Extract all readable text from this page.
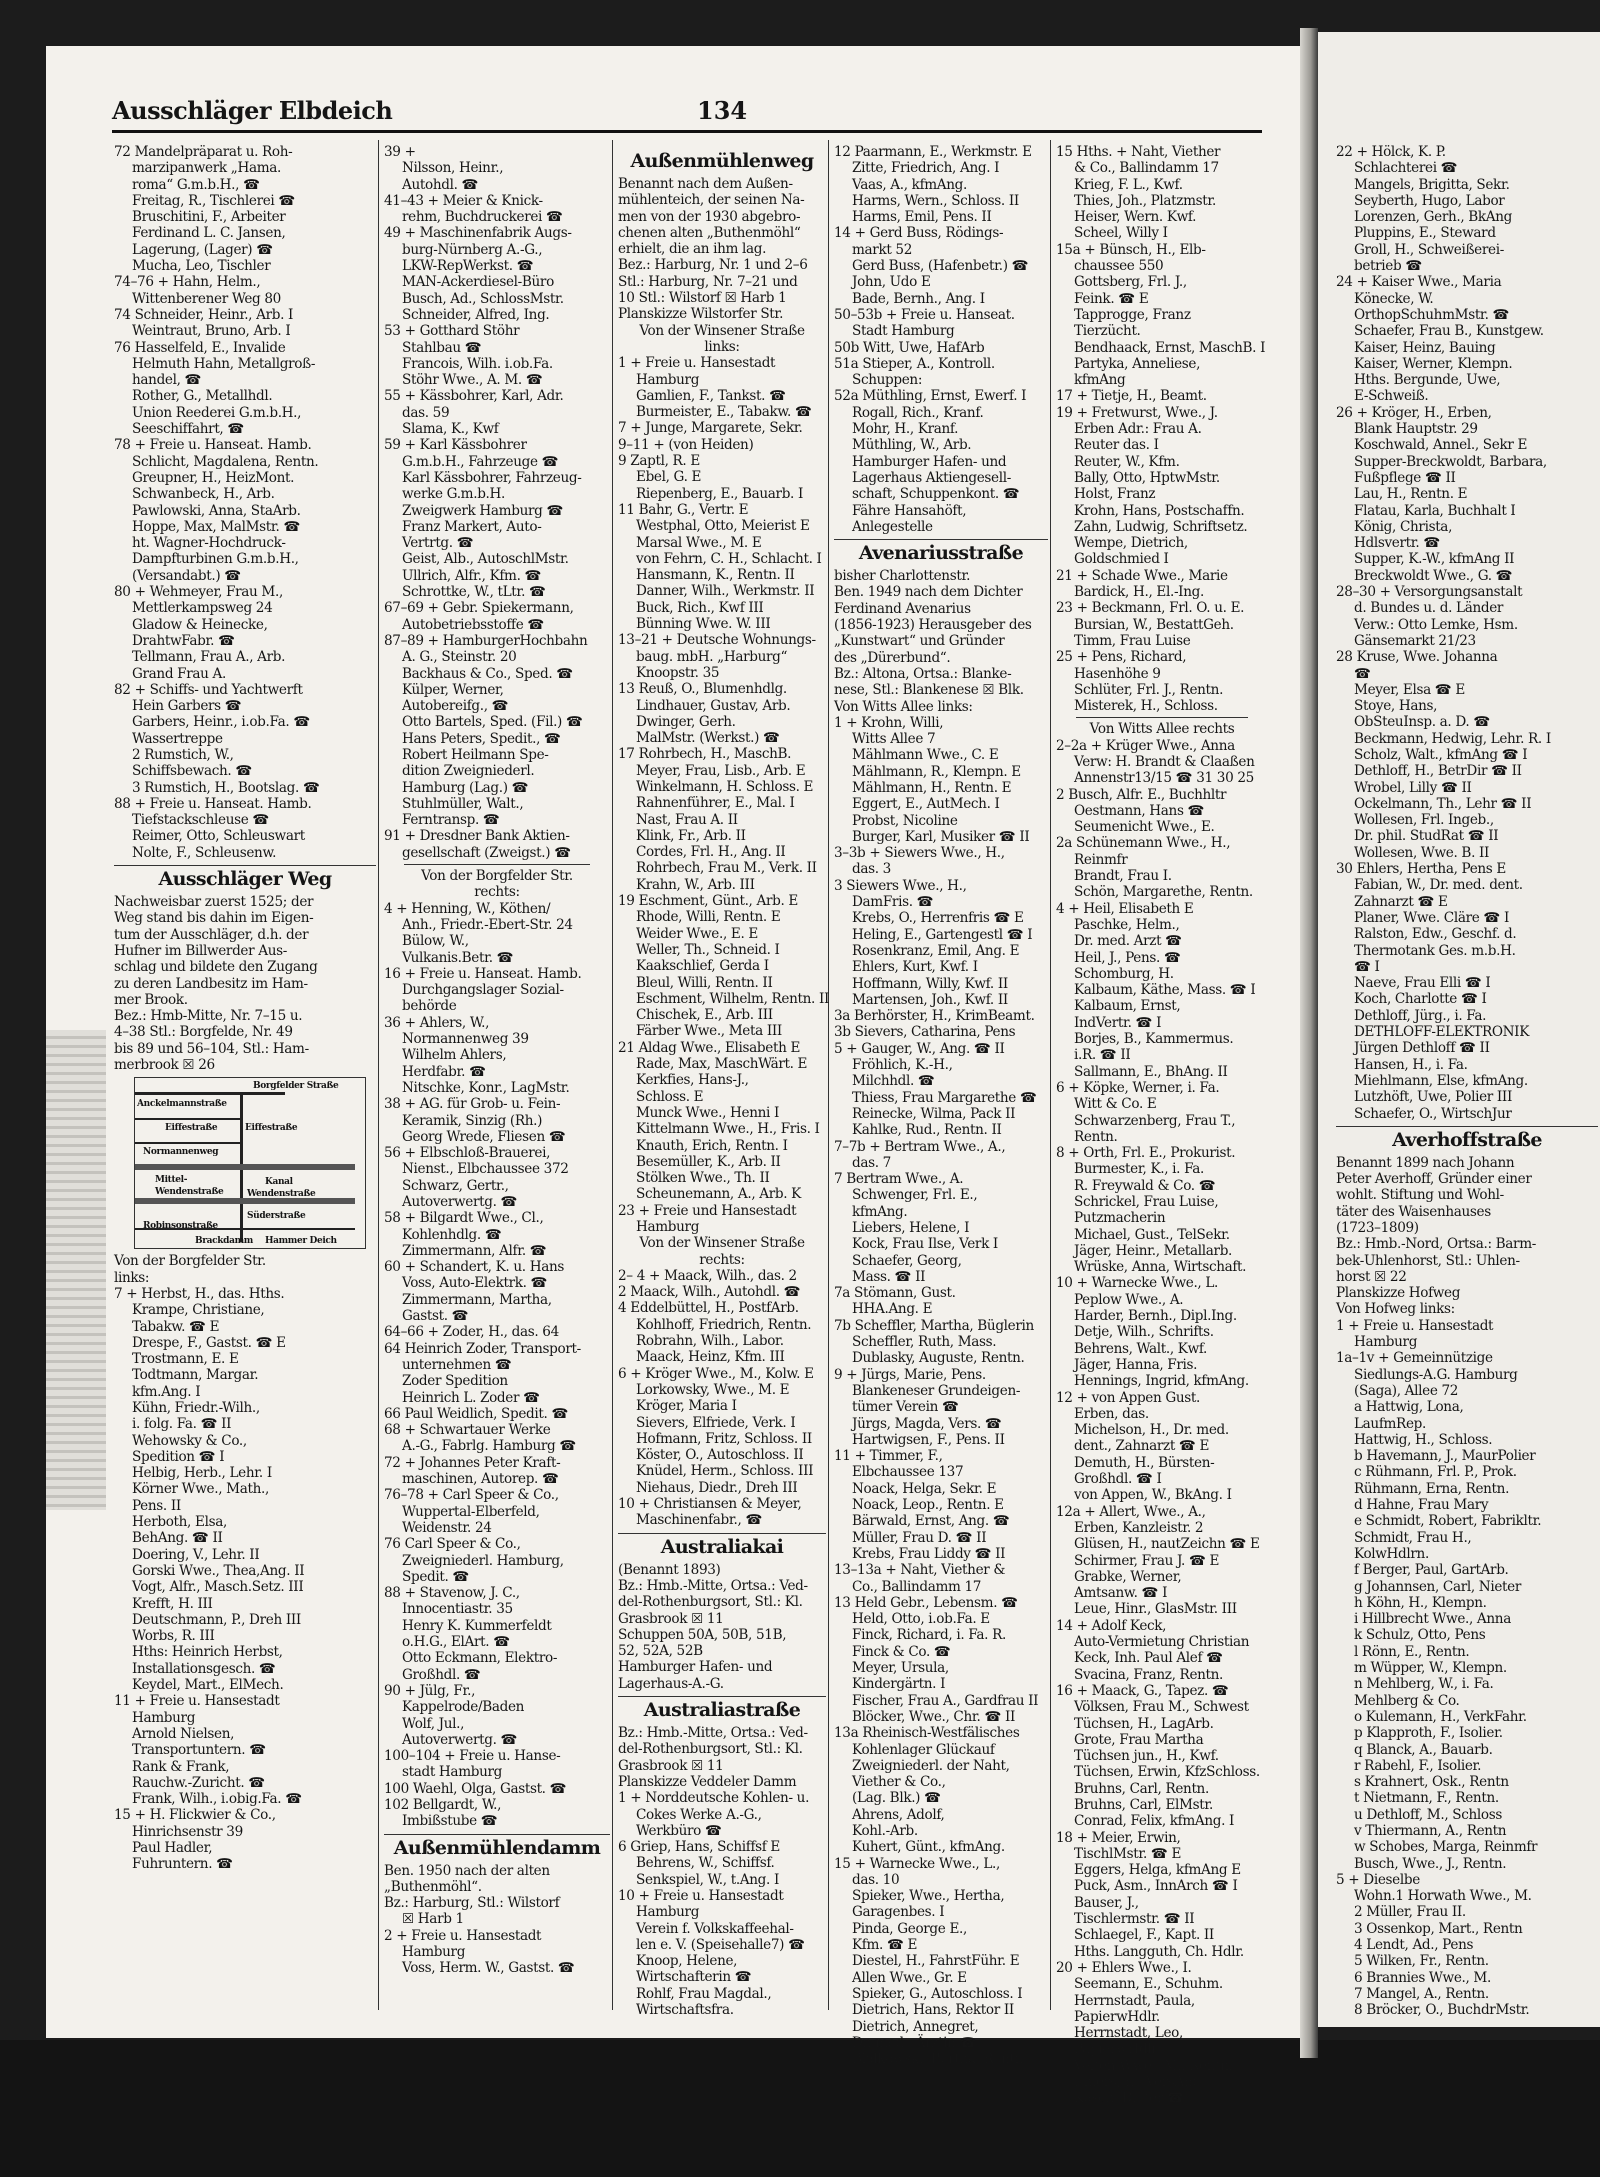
Ausschläger Elbdeich	134
72 Mandelpräparat u. Roh-
marzipanwerk „Hama.
roma“ G.m.b.H., ☎
Freitag, R., Tischlerei ☎
Bruschitini, F., Arbeiter
Ferdinand L. C. Jansen,
Lagerung, (Lager) ☎
Mucha, Leo, Tischler
74–76 + Hahn, Helm.,
Wittenberener Weg 80
74 Schneider, Heinr., Arb. I
Weintraut, Bruno, Arb. I
76 Hasselfeld, E., Invalide
Helmuth Hahn, Metallgroß-
handel, ☎
Rother, G., Metallhdl.
Union Reederei G.m.b.H.,
Seeschiffahrt, ☎
78 + Freie u. Hanseat. Hamb.
Schlicht, Magdalena, Rentn.
Greupner, H., HeizMont.
Schwanbeck, H., Arb.
Pawlowski, Anna, StaArb.
Hoppe, Max, MalMstr. ☎
ht. Wagner-Hochdruck-
Dampfturbinen G.m.b.H.,
(Versandabt.) ☎
80 + Wehmeyer, Frau M.,
Mettlerkampsweg 24
Gladow & Heinecke,
DrahtwFabr. ☎
Tellmann, Frau A., Arb.
Grand Frau A.
82 + Schiffs- und Yachtwerft
Hein Garbers ☎
Garbers, Heinr., i.ob.Fa. ☎
Wassertreppe
2 Rumstich, W.,
Schiffsbewach. ☎
3 Rumstich, H., Bootslag. ☎
88 + Freie u. Hanseat. Hamb.
Tiefstackschleuse ☎
Reimer, Otto, Schleuswart
Nolte, F., Schleusenw.
Ausschläger Weg
Nachweisbar zuerst 1525; der
Weg stand bis dahin im Eigen-
tum der Ausschläger, d.h. der
Hufner im Billwerder Aus-
schlag und bildete den Zugang
zu deren Landbesitz im Ham-
mer Brook.
Bez.: Hmb-Mitte, Nr. 7–15 u.
4–38 Stl.: Borgfelde, Nr. 49
bis 89 und 56–104, Stl.: Ham-
merbrook ☒ 26
Borgfelder Straße
Anckelmannstraße
Eiffestraße	Eiffestraße
Normannenweg
Mittel-
Wendenstraße
Kanal
Wendenstraße
Süderstraße
Robinsonstraße
Brackdamm Hammer Deich
Von der Borgfelder Str.
links:
7 + Herbst, H., das. Hths.
Krampe, Christiane,
Tabakw. ☎ E
Drespe, F., Gastst. ☎ E
Trostmann, E. E
Todtmann, Margar.
kfm.Ang. I
Kühn, Friedr.-Wilh.,
i. folg. Fa. ☎ II
Wehowsky & Co.,
Spedition ☎ I
Helbig, Herb., Lehr. I
Körner Wwe., Math.,
Pens. II
Herboth, Elsa,
BehAng. ☎ II
Doering, V., Lehr. II
Gorski Wwe., Thea,Ang. II
Vogt, Alfr., Masch.Setz. III
Krefft, H. III
Deutschmann, P., Dreh III
Worbs, R. III
Hths: Heinrich Herbst,
Installationsgesch. ☎
Keydel, Mart., ElMech.
11 + Freie u. Hansestadt
Hamburg
Arnold Nielsen,
Transportuntern. ☎
Rank & Frank,
Rauchw.-Zuricht. ☎
Frank, Wilh., i.obig.Fa. ☎
15 + H. Flickwier & Co.,
Hinrichsenstr 39
Paul Hadler,
Fuhruntern. ☎
39 +
Nilsson, Heinr.,
Autohdl. ☎
41–43 + Meier & Knick-
rehm, Buchdruckerei ☎
49 + Maschinenfabrik Augs-
burg-Nürnberg A.-G.,
LKW-RepWerkst. ☎
MAN-Ackerdiesel-Büro
Busch, Ad., SchlossMstr.
Schneider, Alfred, Ing.
53 + Gotthard Stöhr
Stahlbau ☎
Francois, Wilh. i.ob.Fa.
Stöhr Wwe., A. M. ☎
55 + Kässbohrer, Karl, Adr.
das. 59
Slama, K., Kwf
59 + Karl Kässbohrer
G.m.b.H., Fahrzeuge ☎
Karl Kässbohrer, Fahrzeug-
werke G.m.b.H.
Zweigwerk Hamburg ☎
Franz Markert, Auto-
Vertrtg. ☎
Geist, Alb., AutoschlMstr.
Ullrich, Alfr., Kfm. ☎
Schrottke, W., tLtr. ☎
67–69 + Gebr. Spiekermann,
Autobetriebsstoffe ☎
87–89 + HamburgerHochbahn
A. G., Steinstr. 20
Backhaus & Co., Sped. ☎
Külper, Werner,
Autobereifg., ☎
Otto Bartels, Sped. (Fil.) ☎
Hans Peters, Spedit., ☎
Robert Heilmann Spe-
dition Zweigniederl.
Hamburg (Lag.) ☎
Stuhlmüller, Walt.,
Ferntransp. ☎
91 + Dresdner Bank Aktien-
gesellschaft (Zweigst.) ☎
Von der Borgfelder Str.
rechts:
4 + Henning, W., Köthen/
Anh., Friedr.-Ebert-Str. 24
Bülow, W.,
Vulkanis.Betr. ☎
16 + Freie u. Hanseat. Hamb.
Durchgangslager Sozial-
behörde
36 + Ahlers, W.,
Normannenweg 39
Wilhelm Ahlers,
Herdfabr. ☎
Nitschke, Konr., LagMstr.
38 + AG. für Grob- u. Fein-
Keramik, Sinzig (Rh.)
Georg Wrede, Fliesen ☎
56 + Elbschloß-Brauerei,
Nienst., Elbchaussee 372
Schwarz, Gertr.,
Autoverwertg. ☎
58 + Bilgardt Wwe., Cl.,
Kohlenhdlg. ☎
Zimmermann, Alfr. ☎
60 + Schandert, K. u. Hans
Voss, Auto-Elektrk. ☎
Zimmermann, Martha,
Gastst. ☎
64–66 + Zoder, H., das. 64
64 Heinrich Zoder, Transport-
unternehmen ☎
Zoder Spedition
Heinrich L. Zoder ☎
66 Paul Weidlich, Spedit. ☎
68 + Schwartauer Werke
A.-G., Fabrlg. Hamburg ☎
72 + Johannes Peter Kraft-
maschinen, Autorep. ☎
76–78 + Carl Speer & Co.,
Wuppertal-Elberfeld,
Weidenstr. 24
76 Carl Speer & Co.,
Zweigniederl. Hamburg,
Spedit. ☎
88 + Stavenow, J. C.,
Innocentiastr. 35
Henry K. Kummerfeldt
o.H.G., ElArt. ☎
Otto Eckmann, Elektro-
Großhdl. ☎
90 + Jülg, Fr.,
Kappelrode/Baden
Wolf, Jul.,
Autoverwertg. ☎
100–104 + Freie u. Hanse-
stadt Hamburg
100 Waehl, Olga, Gastst. ☎
102 Bellgardt, W.,
Imbißstube ☎
Außenmühlendamm
Ben. 1950 nach der alten
„Buthenmöhl“.
Bz.: Harburg, Stl.: Wilstorf
☒ Harb 1
2 + Freie u. Hansestadt
Hamburg
Voss, Herm. W., Gastst. ☎
Außenmühlenweg
Benannt nach dem Außen-
mühlenteich, der seinen Na-
men von der 1930 abgebro-
chenen alten „Buthenmöhl“
erhielt, die an ihm lag.
Bez.: Harburg, Nr. 1 und 2–6
Stl.: Harburg, Nr. 7–21 und
10 Stl.: Wilstorf ☒ Harb 1
Planskizze Wilstorfer Str.
Von der Winsener Straße
links:
1 + Freie u. Hansestadt
Hamburg
Gamlien, F., Tankst. ☎
Burmeister, E., Tabakw. ☎
7 + Junge, Margarete, Sekr.
9–11 + (von Heiden)
9 Zaptl, R. E
Ebel, G. E
Riepenberg, E., Bauarb. I
11 Bahr, G., Vertr. E
Westphal, Otto, Meierist E
Marsal Wwe., M. E
von Fehrn, C. H., Schlacht. I
Hansmann, K., Rentn. II
Danner, Wilh., Werkmstr. II
Buck, Rich., Kwf III
Bünning Wwe. W. III
13–21 + Deutsche Wohnungs-
baug. mbH. „Harburg“
Knoopstr. 35
13 Reuß, O., Blumenhdlg.
Lindhauer, Gustav, Arb.
Dwinger, Gerh.
MalMstr. (Werkst.) ☎
17 Rohrbech, H., MaschB.
Meyer, Frau, Lisb., Arb. E
Winkelmann, H. Schloss. E
Rahnenführer, E., Mal. I
Nast, Frau A. II
Klink, Fr., Arb. II
Cordes, Frl. H., Ang. II
Rohrbech, Frau M., Verk. II
Krahn, W., Arb. III
19 Eschment, Günt., Arb. E
Rhode, Willi, Rentn. E
Weider Wwe., E. E
Weller, Th., Schneid. I
Kaakschlief, Gerda I
Bleul, Willi, Rentn. II
Eschment, Wilhelm, Rentn. II
Chischek, E., Arb. III
Färber Wwe., Meta III
21 Aldag Wwe., Elisabeth E
Rade, Max, MaschWärt. E
Kerkfies, Hans-J.,
Schloss. E
Munck Wwe., Henni I
Kittelmann Wwe., H., Fris. I
Knauth, Erich, Rentn. I
Besemüller, K., Arb. II
Stölken Wwe., Th. II
Scheunemann, A., Arb. K
23 + Freie und Hansestadt
Hamburg
Von der Winsener Straße
rechts:
2– 4 + Maack, Wilh., das. 2
2 Maack, Wilh., Autohdl. ☎
4 Eddelbüttel, H., PostfArb.
Kohlhoff, Friedrich, Rentn.
Robrahn, Wilh., Labor.
Maack, Heinz, Kfm. III
6 + Kröger Wwe., M., Kolw. E
Lorkowsky, Wwe., M. E
Kröger, Maria I
Sievers, Elfriede, Verk. I
Hofmann, Fritz, Schloss. II
Köster, O., Autoschloss. II
Knüdel, Herm., Schloss. III
Niehaus, Diedr., Dreh III
10 + Christiansen & Meyer,
Maschinenfabr., ☎
Australiakai
(Benannt 1893)
Bz.: Hmb.-Mitte, Ortsa.: Ved-
del-Rothenburgsort, Stl.: Kl.
Grasbrook ☒ 11
Schuppen 50A, 50B, 51B,
52, 52A, 52B
Hamburger Hafen- und
Lagerhaus-A.-G.
Australiastraße
Bz.: Hmb.-Mitte, Ortsa.: Ved-
del-Rothenburgsort, Stl.: Kl.
Grasbrook ☒ 11
Planskizze Veddeler Damm
1 + Norddeutsche Kohlen- u.
Cokes Werke A.-G.,
Werkbüro ☎
6 Griep, Hans, Schiffsf E
Behrens, W., Schiffsf.
Senkspiel, W., t.Ang. I
10 + Freie u. Hansestadt
Hamburg
Verein f. Volkskaffeehal-
len e. V. (Speisehalle7) ☎
Knoop, Helene,
Wirtschafterin ☎
Rohlf, Frau Magdal.,
Wirtschaftsfra.
12 Paarmann, E., Werkmstr. E
Zitte, Friedrich, Ang. I
Vaas, A., kfmAng.
Harms, Wern., Schloss. II
Harms, Emil, Pens. II
14 + Gerd Buss, Rödings-
markt 52
Gerd Buss, (Hafenbetr.) ☎
John, Udo E
Bade, Bernh., Ang. I
50–53b + Freie u. Hanseat.
Stadt Hamburg
50b Witt, Uwe, HafArb
51a Stieper, A., Kontroll.
Schuppen:
52a Müthling, Ernst, Ewerf. I
Rogall, Rich., Kranf.
Mohr, H., Kranf.
Müthling, W., Arb.
Hamburger Hafen- und
Lagerhaus Aktiengesell-
schaft, Schuppenkont. ☎
Fähre Hansahöft,
Anlegestelle
Avenariusstraße
bisher Charlottenstr.
Ben. 1949 nach dem Dichter
Ferdinand Avenarius
(1856-1923) Herausgeber des
„Kunstwart“ und Gründer
des „Dürerbund“.
Bz.: Altona, Ortsa.: Blanke-
nese, Stl.: Blankenese ☒ Blk.
Von Witts Allee links:
1 + Krohn, Willi,
Witts Allee 7
Mählmann Wwe., C. E
Mählmann, R., Klempn. E
Mählmann, H., Rentn. E
Eggert, E., AutMech. I
Probst, Nicoline
Burger, Karl, Musiker ☎ II
3–3b + Siewers Wwe., H.,
das. 3
3 Siewers Wwe., H.,
DamFris. ☎
Krebs, O., Herrenfris ☎ E
Heling, E., Gartengestl ☎ I
Rosenkranz, Emil, Ang. E
Ehlers, Kurt, Kwf. I
Hoffmann, Willy, Kwf. II
Martensen, Joh., Kwf. II
3a Berhörster, H., KrimBeamt.
3b Sievers, Catharina, Pens
5 + Gauger, W., Ang. ☎ II
Fröhlich, K.-H.,
Milchhdl. ☎
Thiess, Frau Margarethe ☎
Reinecke, Wilma, Pack II
Kahlke, Rud., Rentn. II
7–7b + Bertram Wwe., A.,
das. 7
7 Bertram Wwe., A.
Schwenger, Frl. E.,
kfmAng.
Liebers, Helene, I
Kock, Frau Ilse, Verk I
Schaefer, Georg,
Mass. ☎ II
7a Stömann, Gust.
HHA.Ang. E
7b Scheffler, Martha, Büglerin
Scheffler, Ruth, Mass.
Dublasky, Auguste, Rentn.
9 + Jürgs, Marie, Pens.
Blankeneser Grundeigen-
tümer Verein ☎
Jürgs, Magda, Vers. ☎
Hartwigsen, F., Pens. II
11 + Timmer, F.,
Elbchaussee 137
Noack, Helga, Sekr. E
Noack, Leop., Rentn. E
Bärwald, Ernst, Ang. ☎
Müller, Frau D. ☎ II
Krebs, Frau Liddy ☎ II
13–13a + Naht, Viether &
Co., Ballindamm 17
13 Held Gebr., Lebensm. ☎
Held, Otto, i.ob.Fa. E
Finck, Richard, i. Fa. R.
Finck & Co. ☎
Meyer, Ursula,
Kindergärtn. I
Fischer, Frau A., Gardfrau II
Blöcker, Wwe., Chr. ☎ II
13a Rheinisch-Westfälisches
Kohlenlager Glückauf
Zweigniederl. der Naht,
Viether & Co.,
(Lag. Blk.) ☎
Ahrens, Adolf,
Kohl.-Arb.
Kuhert, Günt., kfmAng.
15 + Warnecke Wwe., L.,
das. 10
Spieker, Wwe., Hertha,
Garagenbes. I
Pinda, George E.,
Kfm. ☎ E
Diestel, H., FahrstFühr. E
Allen Wwe., Gr. E
Spieker, G., Autoschloss. I
Dietrich, Hans, Rektor II
Dietrich, Annegret,
Dr. med., Ärztin ☎
Bialkowski, Bertha, Rentn.
15 Hths. + Naht, Viether
& Co., Ballindamm 17
Krieg, F. L., Kwf.
Thies, Joh., Platzmstr.
Heiser, Wern. Kwf.
Scheel, Willy I
15a + Bünsch, H., Elb-
chaussee 550
Gottsberg, Frl. J.,
Feink. ☎ E
Tapprogge, Franz
Tierzücht.
Bendhaack, Ernst, MaschB. I
Partyka, Anneliese,
kfmAng
17 + Tietje, H., Beamt.
19 + Fretwurst, Wwe., J.
Erben Adr.: Frau A.
Reuter das. I
Reuter, W., Kfm.
Bally, Otto, HptwMstr.
Holst, Franz
Krohn, Hans, Postschaffn.
Zahn, Ludwig, Schriftsetz.
Wempe, Dietrich,
Goldschmied I
21 + Schade Wwe., Marie
Bardick, H., El.-Ing.
23 + Beckmann, Frl. O. u. E.
Bursian, W., BestattGeh.
Timm, Frau Luise
25 + Pens, Richard,
Hasenhöhe 9
Schlüter, Frl. J., Rentn.
Misterek, H., Schloss.
Von Witts Allee rechts
2–2a + Krüger Wwe., Anna
Verw: H. Brandt & Claaßen
Annenstr13/15 ☎ 31 30 25
2 Busch, Alfr. E., Buchhltr
Oestmann, Hans ☎
Seumenicht Wwe., E.
2a Schünemann Wwe., H.,
Reinmfr
Brandt, Frau I.
Schön, Margarethe, Rentn.
4 + Heil, Elisabeth E
Paschke, Helm.,
Dr. med. Arzt ☎
Heil, J., Pens. ☎
Schomburg, H.
Kalbaum, Käthe, Mass. ☎ I
Kalbaum, Ernst,
IndVertr. ☎ I
Borjes, B., Kammermus.
i.R. ☎ II
Sallmann, E., BhAng. II
6 + Köpke, Werner, i. Fa.
Witt & Co. E
Schwarzenberg, Frau T.,
Rentn.
8 + Orth, Frl. E., Prokurist.
Burmester, K., i. Fa.
R. Freywald & Co. ☎
Schrickel, Frau Luise,
Putzmacherin
Michael, Gust., TelSekr.
Jäger, Heinr., Metallarb.
Wrüske, Anna, Wirtschaft.
10 + Warnecke Wwe., L.
Peplow Wwe., A.
Harder, Bernh., Dipl.Ing.
Detje, Wilh., Schrifts.
Behrens, Walt., Kwf.
Jäger, Hanna, Fris.
Hennings, Ingrid, kfmAng.
12 + von Appen Gust.
Erben, das.
Michelson, H., Dr. med.
dent., Zahnarzt ☎ E
Demuth, H., Bürsten-
Großhdl. ☎ I
von Appen, W., BkAng. I
12a + Allert, Wwe., A.,
Erben, Kanzleistr. 2
Glüsen, H., nautZeichn ☎ E
Schirmer, Frau J. ☎ E
Grabke, Werner,
Amtsanw. ☎ I
Leue, Hinr., GlasMstr. III
14 + Adolf Keck,
Auto-Vermietung Christian
Keck, Inh. Paul Alef ☎
Svacina, Franz, Rentn.
16 + Maack, G., Tapez. ☎
Völksen, Frau M., Schwest
Tüchsen, H., LagArb.
Grote, Frau Martha
Tüchsen jun., H., Kwf.
Tüchsen, Erwin, KfzSchloss.
Bruhns, Carl, Rentn.
Bruhns, Carl, ElMstr.
Conrad, Felix, kfmAng. I
18 + Meier, Erwin,
TischlMstr. ☎ E
Eggers, Helga, kfmAng E
Puck, Asm., InnArch ☎ I
Bauser, J.,
Tischlermstr. ☎ II
Schlaegel, F., Kapt. II
Hths. Langguth, Ch. Hdlr.
20 + Ehlers Wwe., I.
Seemann, E., Schuhm.
Herrnstadt, Paula,
PapierwHdlr.
Herrnstadt, Leo,
PapierwHdlr.
Velten Wwe., M., Rentn.
Ehlers, E., VersAng.
Kasch, Dieter ☎
22 + Hölck, K. P.
Schlachterei ☎
Mangels, Brigitta, Sekr.
Seyberth, Hugo, Labor
Lorenzen, Gerh., BkAng
Pluppins, E., Steward
Groll, H., Schweißerei-
betrieb ☎
24 + Kaiser Wwe., Maria
Könecke, W.
OrthopSchuhmMstr. ☎
Schaefer, Frau B., Kunstgew.
Kaiser, Heinz, Bauing
Kaiser, Werner, Klempn.
Hths. Bergunde, Uwe,
E-Schweiß.
26 + Kröger, H., Erben,
Blank Hauptstr. 29
Koschwald, Annel., Sekr E
Supper-Breckwoldt, Barbara,
Fußpflege ☎ II
Lau, H., Rentn. E
Flatau, Karla, Buchhalt I
König, Christa,
Hdlsvertr. ☎
Supper, K.-W., kfmAng II
Breckwoldt Wwe., G. ☎
28–30 + Versorgungsanstalt
d. Bundes u. d. Länder
Verw.: Otto Lemke, Hsm.
Gänsemarkt 21/23
28 Kruse, Wwe. Johanna
☎
Meyer, Elsa ☎ E
Stoye, Hans,
ObSteuInsp. a. D. ☎
Beckmann, Hedwig, Lehr. R. I
Scholz, Walt., kfmAng ☎ I
Dethloff, H., BetrDir ☎ II
Wrobel, Lilly ☎ II
Ockelmann, Th., Lehr ☎ II
Wollesen, Frl. Ingeb.,
Dr. phil. StudRat ☎ II
Wollesen, Wwe. B. II
30 Ehlers, Hertha, Pens E
Fabian, W., Dr. med. dent.
Zahnarzt ☎ E
Planer, Wwe. Cläre ☎ I
Ralston, Edw., Geschf. d.
Thermotank Ges. m.b.H.
☎ I
Naeve, Frau Elli ☎ I
Koch, Charlotte ☎ I
Dethloff, Jürg., i. Fa.
DETHLOFF-ELEKTRONIK
Jürgen Dethloff ☎ II
Hansen, H., i. Fa.
Miehlmann, Else, kfmAng.
Lutzhöft, Uwe, Polier III
Schaefer, O., WirtschJur
Averhoffstraße
Benannt 1899 nach Johann
Peter Averhoff, Gründer einer
wohlt. Stiftung und Wohl-
täter des Waisenhauses
(1723–1809)
Bz.: Hmb.-Nord, Ortsa.: Barm-
bek-Uhlenhorst, Stl.: Uhlen-
horst ☒ 22
Planskizze Hofweg
Von Hofweg links:
1 + Freie u. Hansestadt
Hamburg
1a–1v + Gemeinnützige
Siedlungs-A.G. Hamburg
(Saga), Allee 72
a Hattwig, Lona,
LaufmRep.
Hattwig, H., Schloss.
b Havemann, J., MaurPolier
c Rühmann, Frl. P., Prok.
Rühmann, Erna, Rentn.
d Hahne, Frau Mary
e Schmidt, Robert, Fabrikltr.
Schmidt, Frau H.,
KolwHdlrn.
f Berger, Paul, GartArb.
g Johannsen, Carl, Nieter
h Köhn, H., Klempn.
i Hillbrecht Wwe., Anna
k Schulz, Otto, Pens
l Rönn, E., Rentn.
m Wüpper, W., Klempn.
n Mehlberg, W., i. Fa.
Mehlberg & Co.
o Kulemann, H., VerkFahr.
p Klapproth, F., Isolier.
q Blanck, A., Bauarb.
r Rabehl, F., Isolier.
s Krahnert, Osk., Rentn
t Nietmann, F., Rentn.
u Dethloff, M., Schloss
v Thiermann, A., Rentn
w Schobes, Marga, Reinmfr
Busch, Wwe., J., Rentn.
5 + Dieselbe
Wohn.1 Horwath Wwe., M.
2 Müller, Frau II.
3 Ossenkop, Mart., Rentn
4 Lendt, Ad., Pens
5 Wilken, Fr., Rentn.
6 Brannies Wwe., M.
7 Mangel, A., Rentn.
8 Bröcker, O., BuchdrMstr.
